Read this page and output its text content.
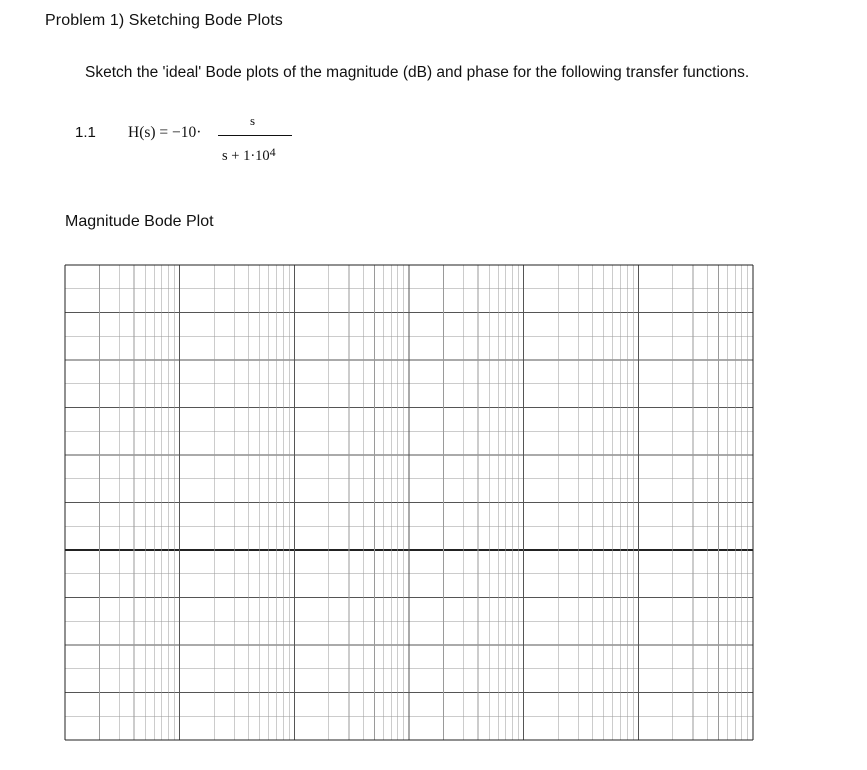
Problem 1) Sketching Bode Plots
Sketch the 'ideal' Bode plots of the magnitude (dB) and phase for the following transfer functions.
1.1 H(s) = −10·
s
$s + 1\cdot 10^4$
Magnitude Bode Plot
